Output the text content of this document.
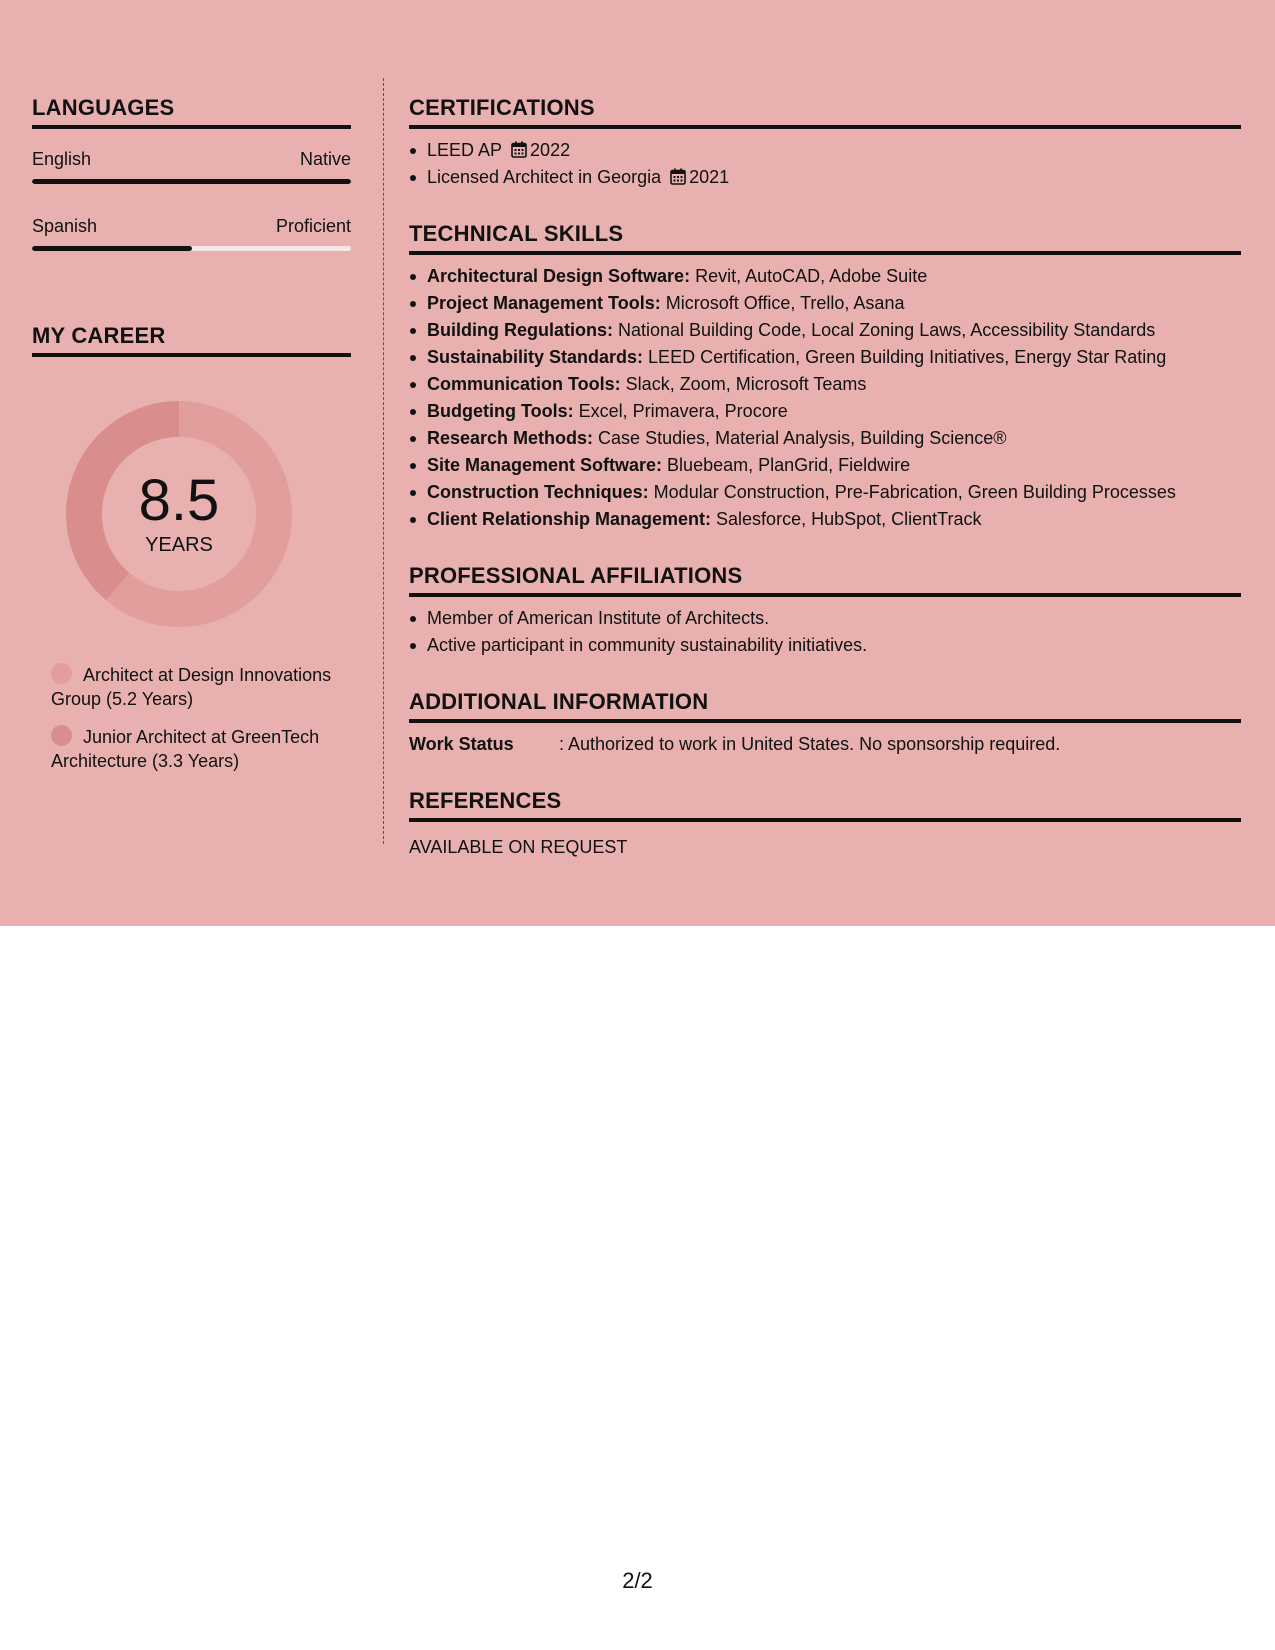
LANGUAGES
English	Native
Spanish	Proficient
MY CAREER
8.5
YEARS
Architect at Design Innovations Group (5.2 Years)
Junior Architect at GreenTech Architecture (3.3 Years)
CERTIFICATIONS
LEED AP 2022
Licensed Architect in Georgia 2021
TECHNICAL SKILLS
Architectural Design Software: Revit, AutoCAD, Adobe Suite
Project Management Tools: Microsoft Office, Trello, Asana
Building Regulations: National Building Code, Local Zoning Laws, Accessibility Standards
Sustainability Standards: LEED Certification, Green Building Initiatives, Energy Star Rating
Communication Tools: Slack, Zoom, Microsoft Teams
Budgeting Tools: Excel, Primavera, Procore
Research Methods: Case Studies, Material Analysis, Building Science®
Site Management Software: Bluebeam, PlanGrid, Fieldwire
Construction Techniques: Modular Construction, Pre-Fabrication, Green Building Processes
Client Relationship Management: Salesforce, HubSpot, ClientTrack
PROFESSIONAL AFFILIATIONS
Member of American Institute of Architects.
Active participant in community sustainability initiatives.
ADDITIONAL INFORMATION
Work Status	: Authorized to work in United States. No sponsorship required.
REFERENCES
AVAILABLE ON REQUEST
2/2
